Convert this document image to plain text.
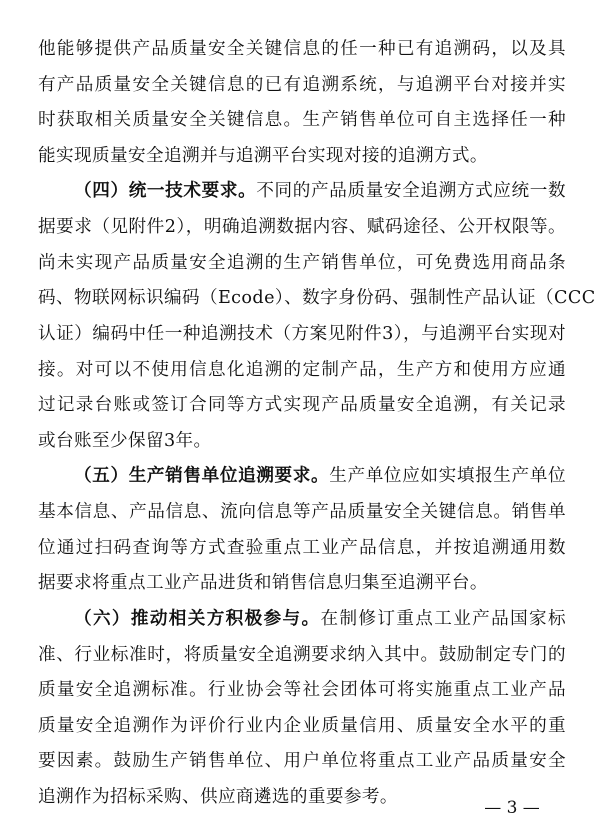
他能够提供产品质量安全关键信息的任一种已有追溯码，以及具
有产品质量安全关键信息的已有追溯系统，与追溯平台对接并实
时获取相关质量安全关键信息。生产销售单位可自主选择任一种
能实现质量安全追溯并与追溯平台实现对接的追溯方式。
（四）统一技术要求。不同的产品质量安全追溯方式应统一数
据要求（见附件2），明确追溯数据内容、赋码途径、公开权限等。
尚未实现产品质量安全追溯的生产销售单位，可免费选用商品条
码、物联网标识编码（Ecode）、数字身份码、强制性产品认证（CCC
认证）编码中任一种追溯技术（方案见附件3），与追溯平台实现对
接。对可以不使用信息化追溯的定制产品，生产方和使用方应通
过记录台账或签订合同等方式实现产品质量安全追溯，有关记录
或台账至少保留3年。
（五）生产销售单位追溯要求。生产单位应如实填报生产单位
基本信息、产品信息、流向信息等产品质量安全关键信息。销售单
位通过扫码查询等方式查验重点工业产品信息，并按追溯通用数
据要求将重点工业产品进货和销售信息归集至追溯平台。
（六）推动相关方积极参与。在制修订重点工业产品国家标
准、行业标准时，将质量安全追溯要求纳入其中。鼓励制定专门的
质量安全追溯标准。行业协会等社会团体可将实施重点工业产品
质量安全追溯作为评价行业内企业质量信用、质量安全水平的重
要因素。鼓励生产销售单位、用户单位将重点工业产品质量安全
追溯作为招标采购、供应商遴选的重要参考。
— 3 —
